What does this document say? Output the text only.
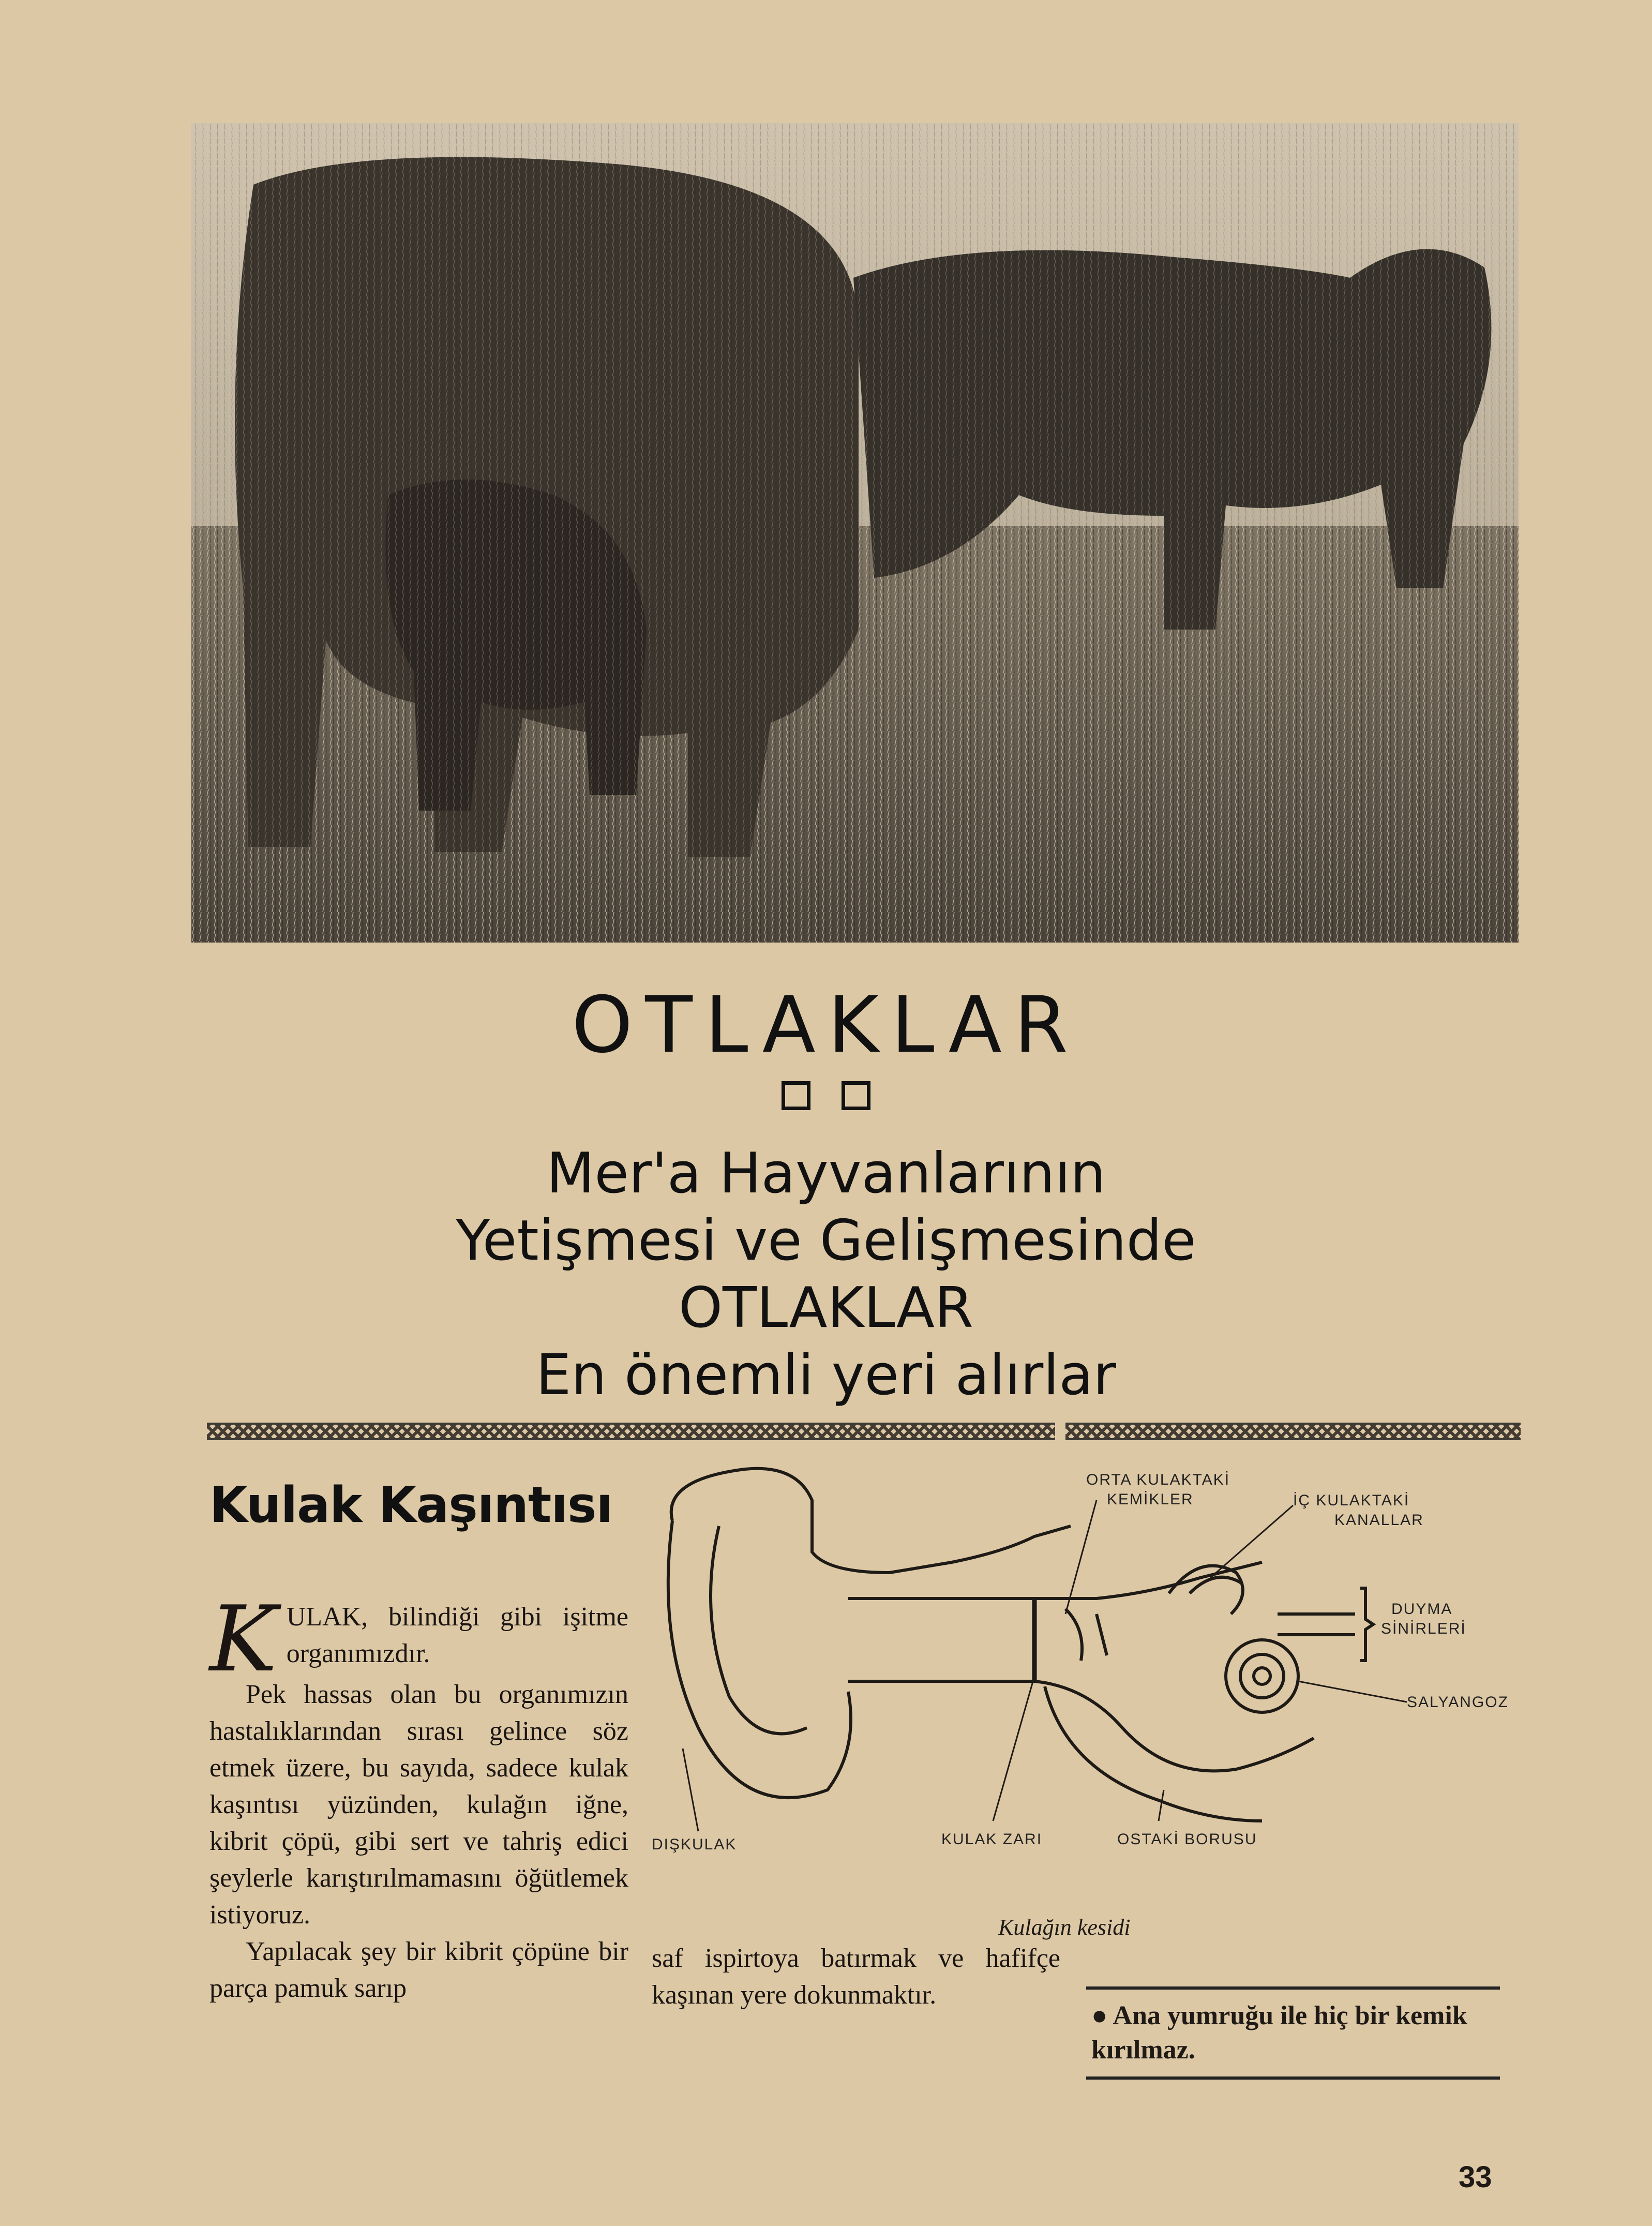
OTLAKLAR
Mer'a Hayvanlarının
Yetişmesi ve Gelişmesinde
OTLAKLAR
En önemli yeri alırlar
Kulak Kaşıntısı

K ULAK, bilindiği gibi işitme organımızdır.

Pek hassas olan bu organımızın hastalıklarından sırası gelince söz etmek üzere, bu sayıda, sadece kulak kaşıntısı yüzünden, kulağın iğne, kibrit çöpü, gibi sert ve tahriş edici şeylerle karıştırılmamasını öğütlemek istiyoruz.

Yapılacak şey bir kibrit çöpüne bir parça pamuk sarıp

saf ispirtoya batırmak ve hafifçe kaşınan yere dokunmaktır.
ORTA KULAKTAKİ
KEMİKLER	İÇ KULAKTAKİ
KANALLAR
DUYMA
SİNİRLERİ
SALYANGOZ
DIŞKULAK	KULAK ZARI	OSTAKİ BORUSU
Kulağın kesidi
● Ana yumruğu ile hiç bir kemik kırılmaz.
33
